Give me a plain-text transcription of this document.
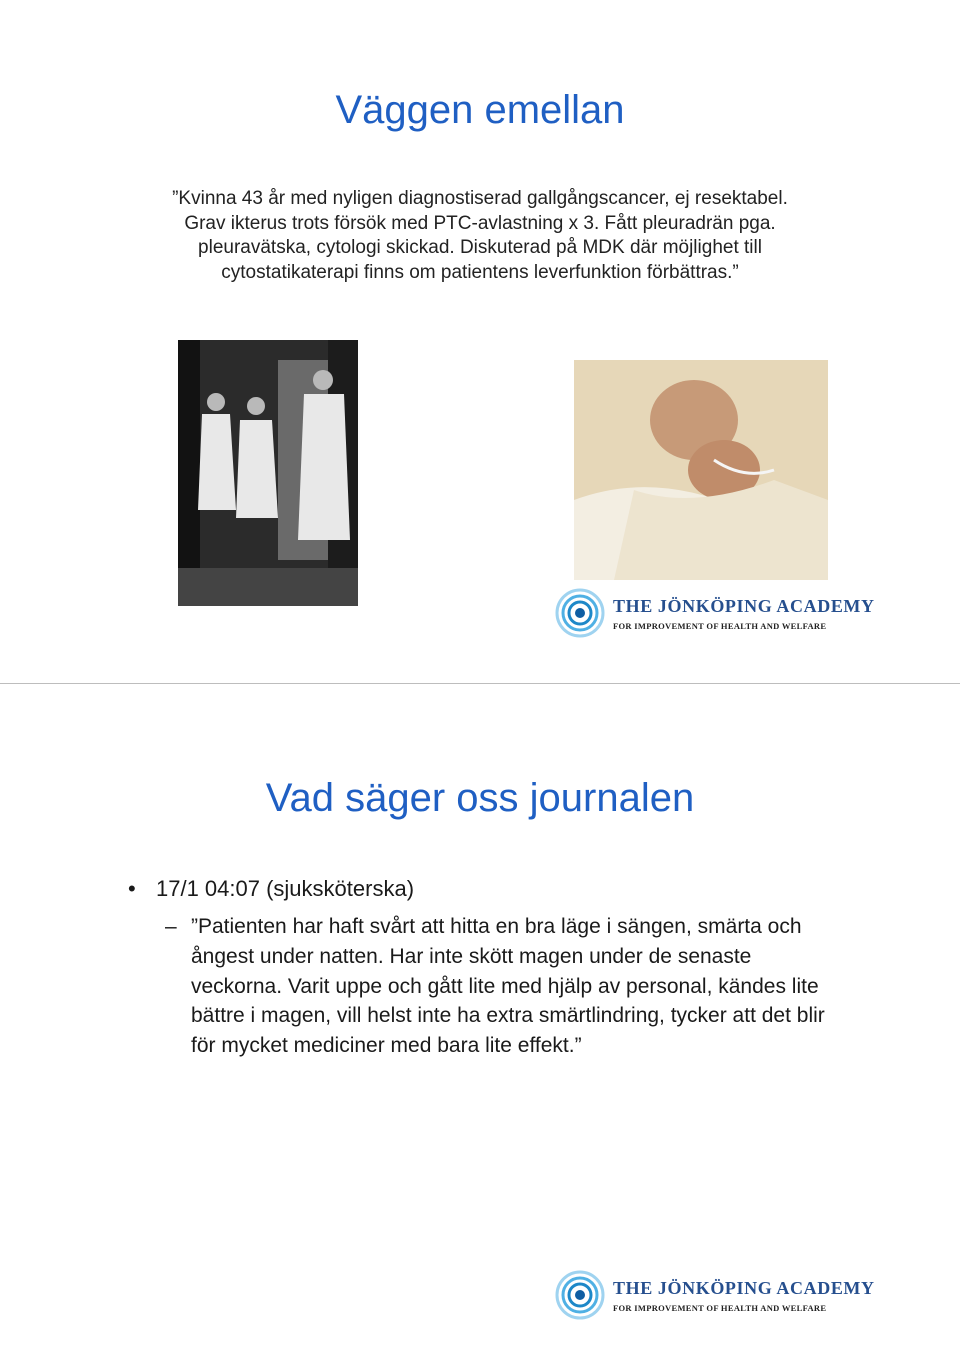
Väggen emellan

”Kvinna 43 år med nyligen diagnostiserad gallgångscancer, ej resektabel. Grav ikterus trots försök med PTC-avlastning x 3. Fått pleuradrän pga. pleuravätska, cytologi skickad. Diskuterad på MDK där möjlighet till cytostatikaterapi finns om patientens leverfunktion förbättras.”

THE JÖNKÖPING ACADEMY
FOR IMPROVEMENT OF HEALTH AND WELFARE
Vad säger oss journalen
• 17/1 04:07 (sjuksköterska)
– ”Patienten har haft svårt att hitta en bra läge i sängen, smärta och ångest under natten. Har inte skött magen under de senaste veckorna. Varit uppe och gått lite med hjälp av personal, kändes lite bättre i magen, vill helst inte ha extra smärtlindring, tycker att det blir för mycket mediciner med bara lite effekt.”
THE JÖNKÖPING ACADEMY
FOR IMPROVEMENT OF HEALTH AND WELFARE
